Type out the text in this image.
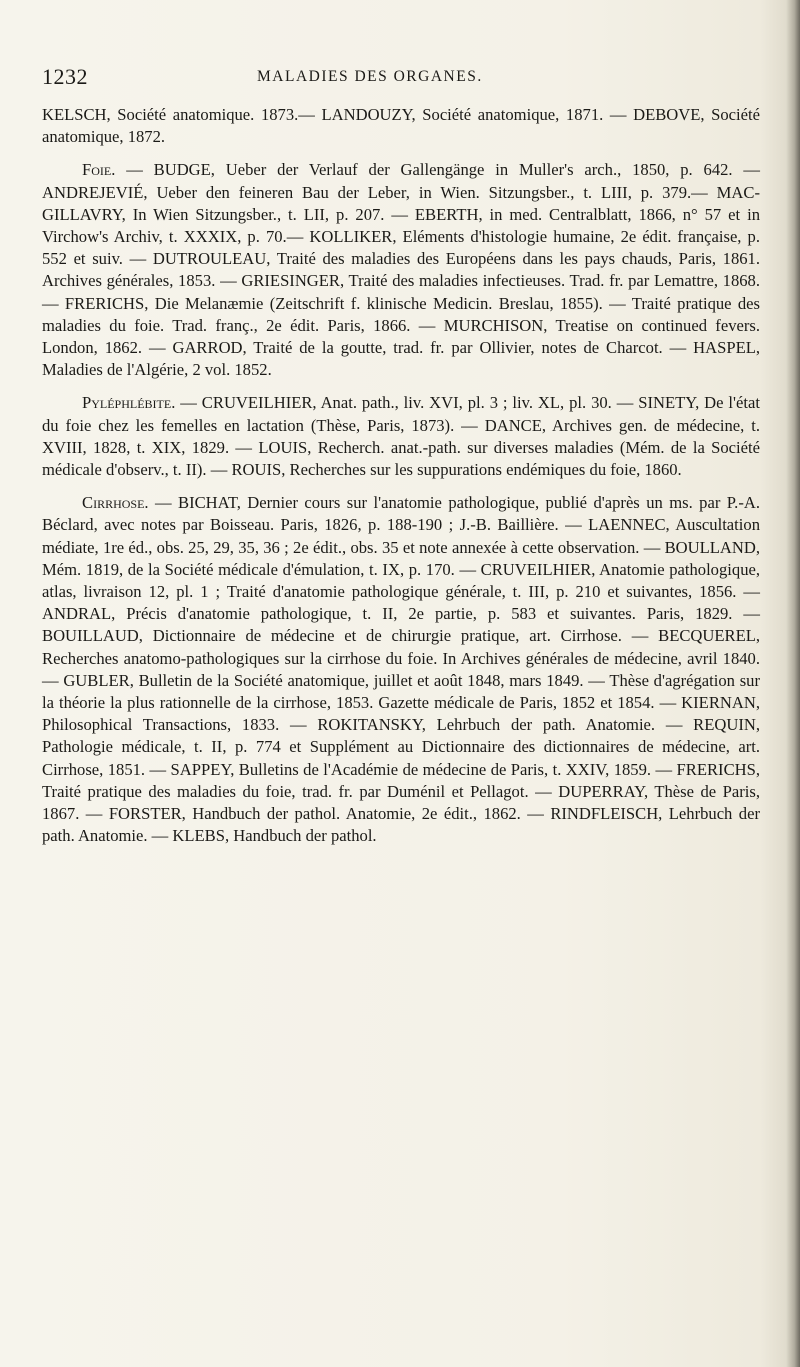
1232	MALADIES DES ORGANES.

KELSCH, Société anatomique. 1873.— LANDOUZY, Société anatomique, 1871. — DEBOVE, Société anatomique, 1872.

Foie. — BUDGE, Ueber der Verlauf der Gallengänge in Muller's arch., 1850, p. 642. — ANDREJEVIÉ, Ueber den feineren Bau der Leber, in Wien. Sitzungsber., t. LIII, p. 379.— MAC-GILLAVRY, In Wien Sitzungsber., t. LII, p. 207. — EBERTH, in med. Centralblatt, 1866, n° 57 et in Virchow's Archiv, t. XXXIX, p. 70.— KOLLIKER, Eléments d'histologie humaine, 2e édit. française, p. 552 et suiv. — DUTROULEAU, Traité des maladies des Européens dans les pays chauds, Paris, 1861. Archives générales, 1853. — GRIESINGER, Traité des maladies infectieuses. Trad. fr. par Lemattre, 1868. — FRERICHS, Die Melanæmie (Zeitschrift f. klinische Medicin. Breslau, 1855). — Traité pratique des maladies du foie. Trad. franç., 2e édit. Paris, 1866. — MURCHISON, Treatise on continued fevers. London, 1862. — GARROD, Traité de la goutte, trad. fr. par Ollivier, notes de Charcot. — HASPEL, Maladies de l'Algérie, 2 vol. 1852.

Pyléphlébite. — CRUVEILHIER, Anat. path., liv. XVI, pl. 3 ; liv. XL, pl. 30. — SINETY, De l'état du foie chez les femelles en lactation (Thèse, Paris, 1873). — DANCE, Archives gen. de médecine, t. XVIII, 1828, t. XIX, 1829. — LOUIS, Recherch. anat.-path. sur diverses maladies (Mém. de la Société médicale d'observ., t. II). — ROUIS, Recherches sur les suppurations endémiques du foie, 1860.

Cirrhose. — BICHAT, Dernier cours sur l'anatomie pathologique, publié d'après un ms. par P.-A. Béclard, avec notes par Boisseau. Paris, 1826, p. 188-190 ; J.-B. Baillière. — LAENNEC, Auscultation médiate, 1re éd., obs. 25, 29, 35, 36 ; 2e édit., obs. 35 et note annexée à cette observation. — BOULLAND, Mém. 1819, de la Société médicale d'émulation, t. IX, p. 170. — CRUVEILHIER, Anatomie pathologique, atlas, livraison 12, pl. 1 ; Traité d'anatomie pathologique générale, t. III, p. 210 et suivantes, 1856. — ANDRAL, Précis d'anatomie pathologique, t. II, 2e partie, p. 583 et suivantes. Paris, 1829. — BOUILLAUD, Dictionnaire de médecine et de chirurgie pratique, art. Cirrhose. — BECQUEREL, Recherches anatomo-pathologiques sur la cirrhose du foie. In Archives générales de médecine, avril 1840. — GUBLER, Bulletin de la Société anatomique, juillet et août 1848, mars 1849. — Thèse d'agrégation sur la théorie la plus rationnelle de la cirrhose, 1853. Gazette médicale de Paris, 1852 et 1854. — KIERNAN, Philosophical Transactions, 1833. — ROKITANSKY, Lehrbuch der path. Anatomie. — REQUIN, Pathologie médicale, t. II, p. 774 et Supplément au Dictionnaire des dictionnaires de médecine, art. Cirrhose, 1851. — SAPPEY, Bulletins de l'Académie de médecine de Paris, t. XXIV, 1859. — FRERICHS, Traité pratique des maladies du foie, trad. fr. par Duménil et Pellagot. — DUPERRAY, Thèse de Paris, 1867. — FORSTER, Handbuch der pathol. Anatomie, 2e édit., 1862. — RINDFLEISCH, Lehrbuch der path. Anatomie. — KLEBS, Handbuch der pathol.
